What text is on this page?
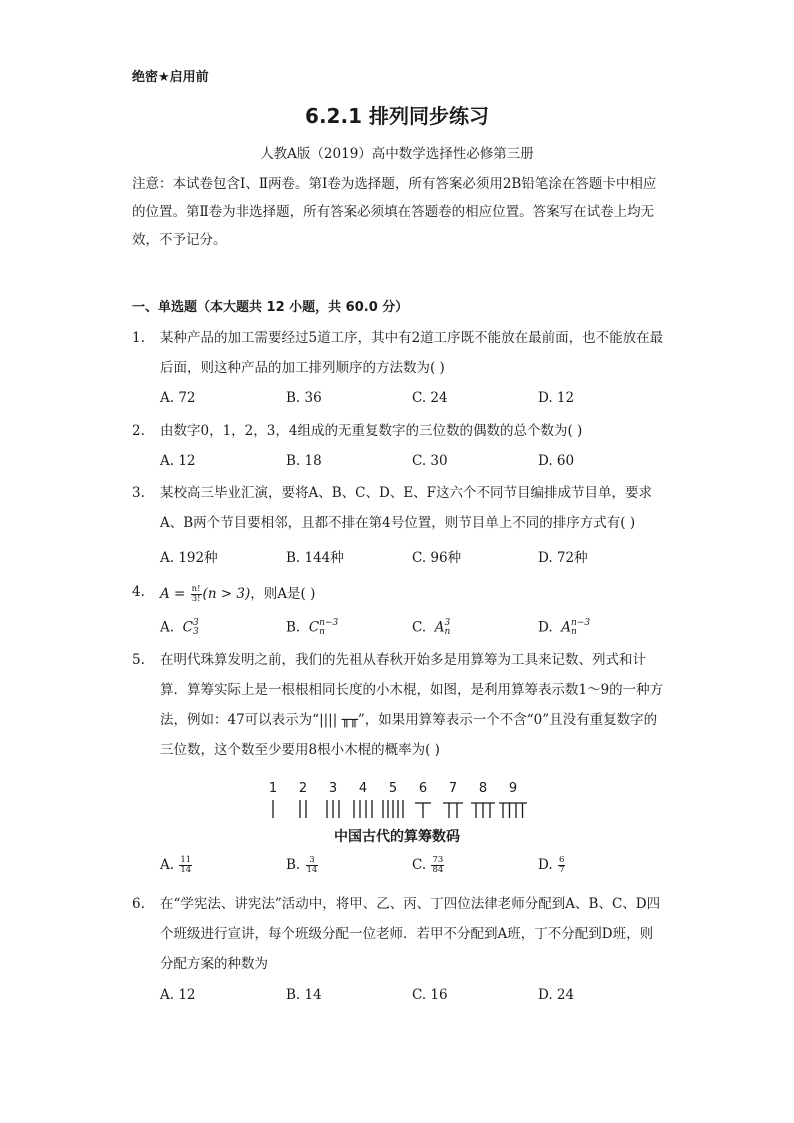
绝密★启用前
6.2.1 排列同步练习
人教A版（2019）高中数学选择性必修第三册
注意：本试卷包含Ⅰ、Ⅱ两卷。第Ⅰ卷为选择题，所有答案必须用2B铅笔涂在答题卡中相应的位置。第Ⅱ卷为非选择题，所有答案必须填在答题卷的相应位置。答案写在试卷上均无效，不予记分。
一、单选题（本大题共 12 小题，共 60.0 分）
1. 某种产品的加工需要经过5道工序，其中有2道工序既不能放在最前面，也不能放在最后面，则这种产品的加工排列顺序的方法数为( )
A. 72	B. 36	C. 24	D. 12
2. 由数字0，1，2，3，4组成的无重复数字的三位数的偶数的总个数为( )
A. 12	B. 18	C. 30	D. 60
3. 某校高三毕业汇演，要将A、B、C、D、E、F这六个不同节目编排成节目单，要求A、B两个节目要相邻，且都不排在第4号位置，则节目单上不同的排序方式有( )
A. 192种	B. 144种	C. 96种	D. 72种
4. $A = \frac{n!}{3!} (n > 3)$，则A是( )
A. C 3
3	B. C n−3
n	C. A 3
n	D. A n−3
n
5. 在明代珠算发明之前，我们的先祖从春秋开始多是用算筹为工具来记数、列式和计算．算筹实际上是一根根相同长度的小木棍，如图，是利用算筹表示数1～9的一种方法，例如：47可以表示为“|||| ╥╥”，如果用算筹表示一个不含“0”且没有重复数字的三位数，这个数至少要用8根小木棍的概率为( )
1 2 3 4 5 6 7 8 9
中国古代的算筹数码
A. $\frac{11}{14}$	B. $\frac{3}{14}$	C. $\frac{73}{84}$	D. $\frac{6}{7}$
6. 在“学宪法、讲宪法”活动中，将甲、乙、丙、丁四位法律老师分配到A、B、C、D四个班级进行宣讲，每个班级分配一位老师．若甲不分配到A班，丁不分配到D班，则分配方案的种数为
A. 12	B. 14	C. 16	D. 24
